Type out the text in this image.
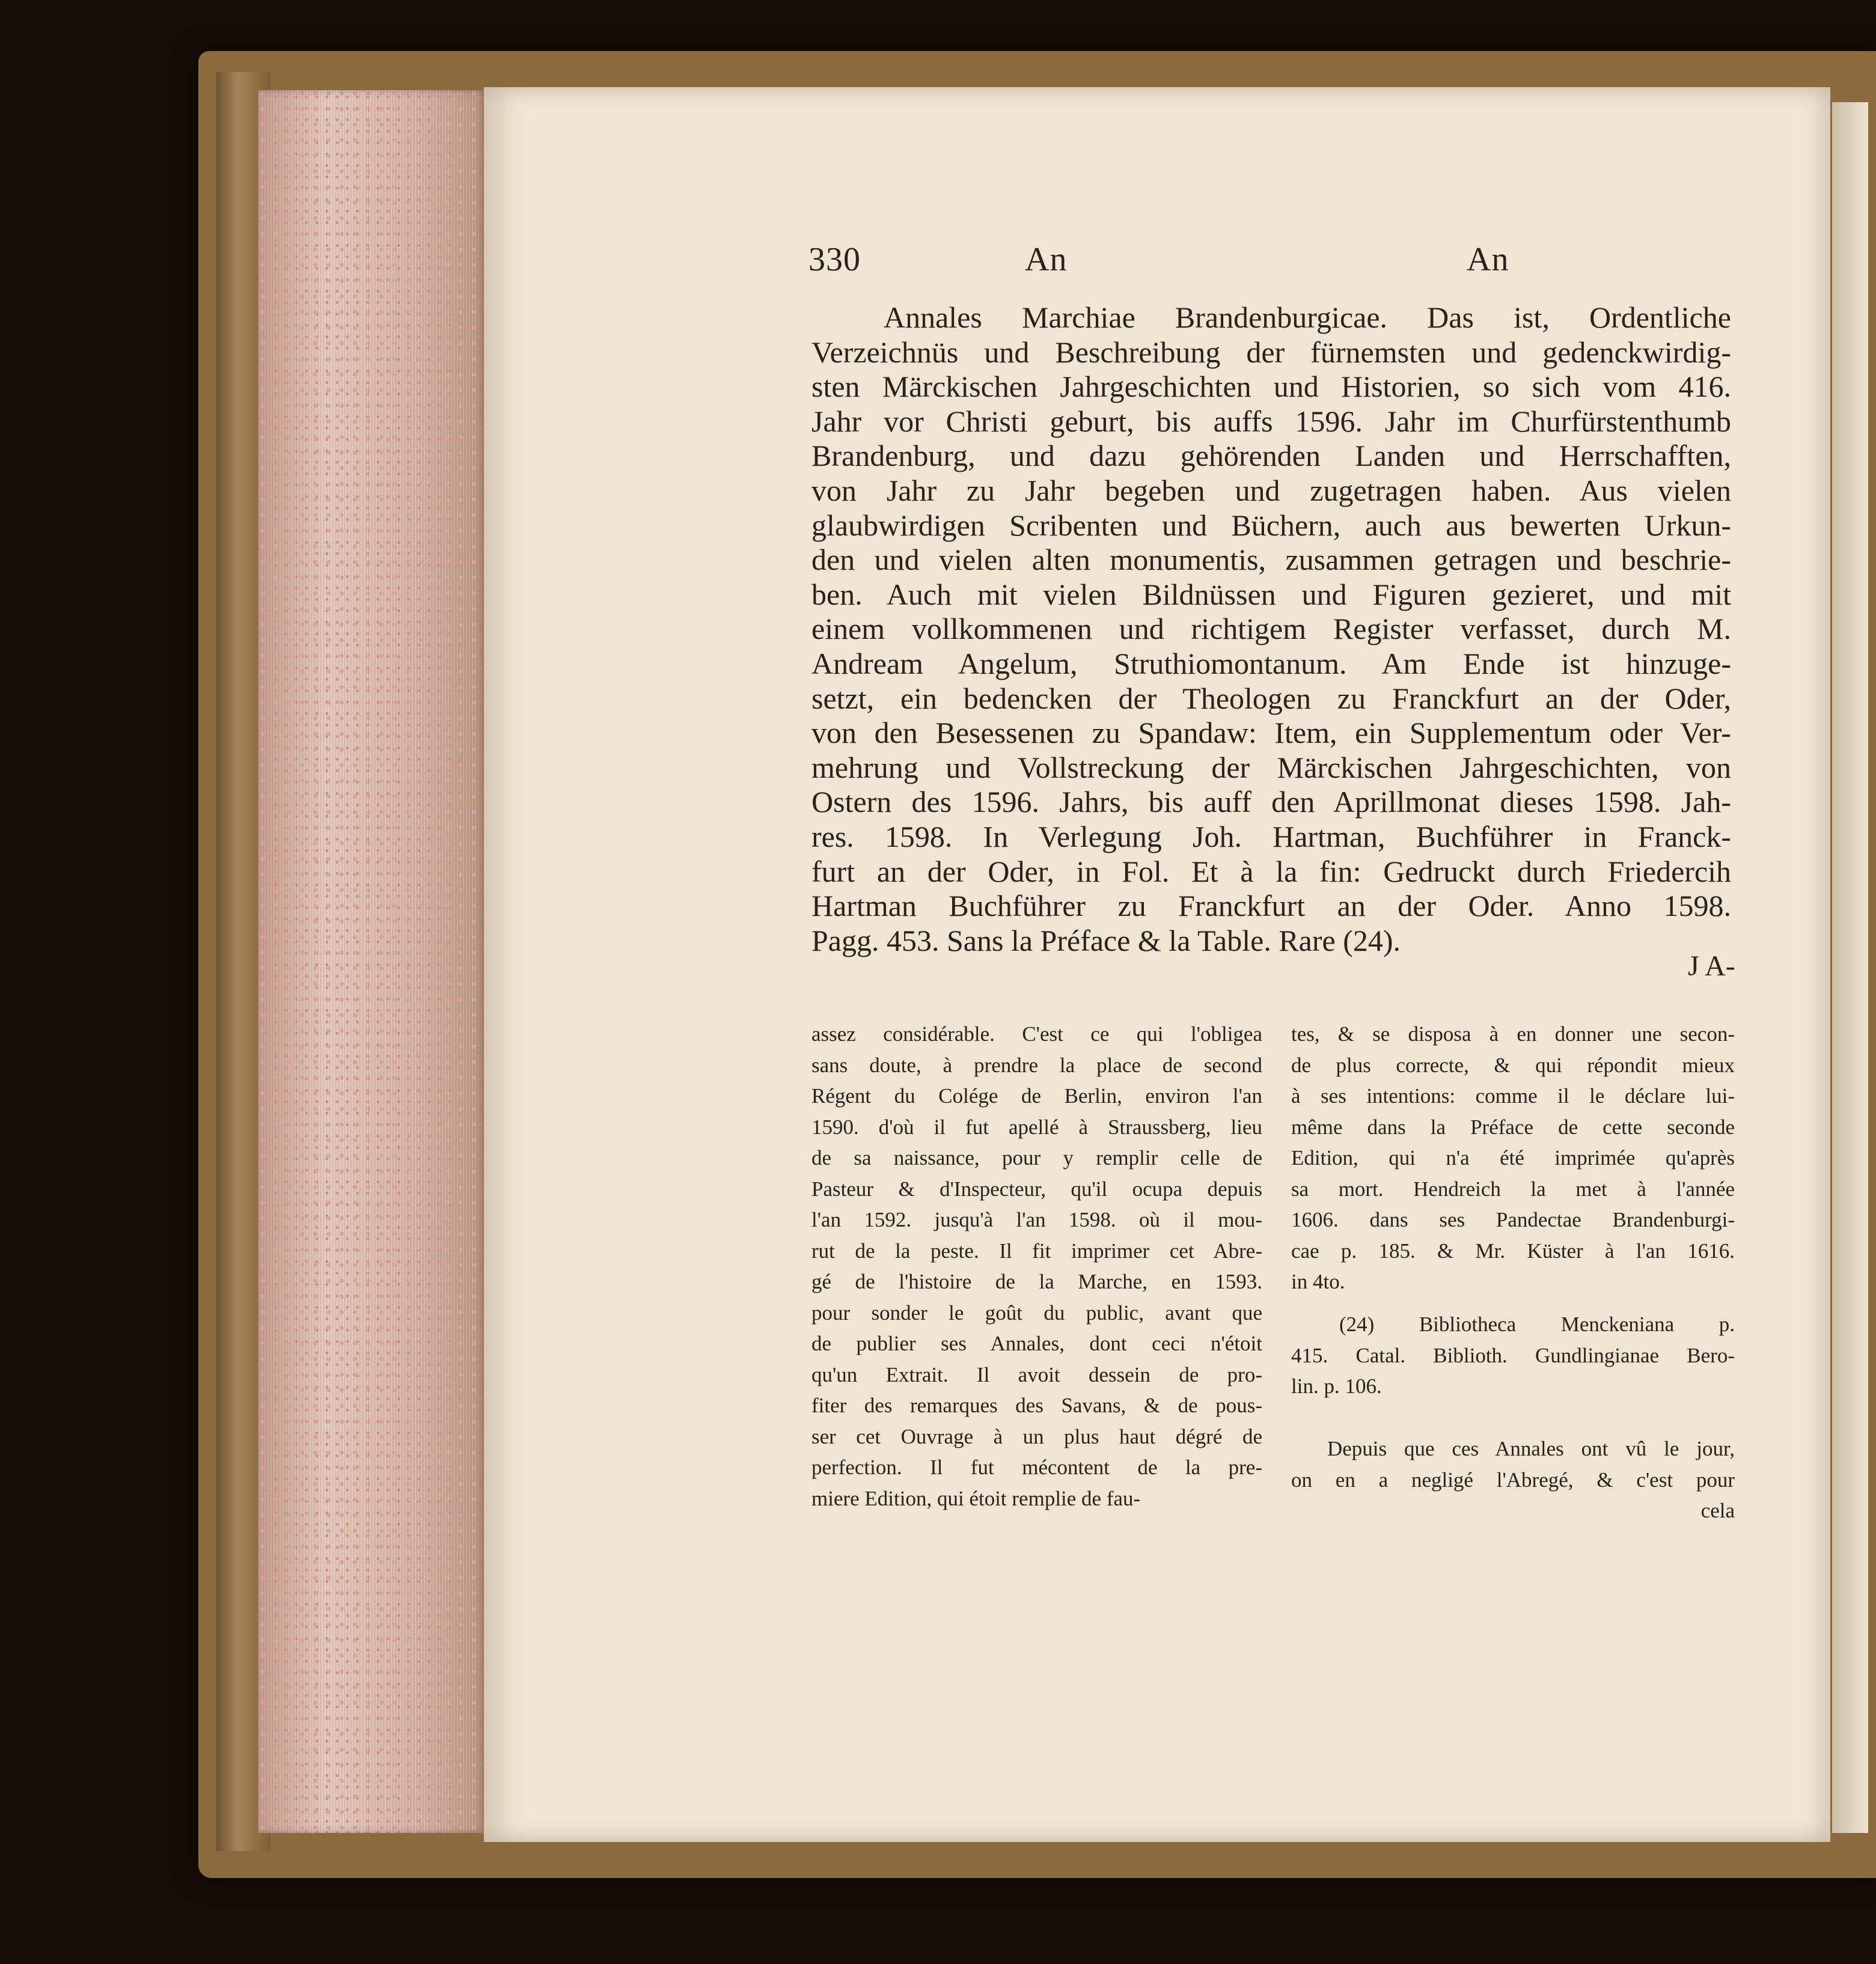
330	An	An
Annales Marchiae Brandenburgicae. Das ist, Ordentliche
Verzeichnüs und Beschreibung der fürnemsten und gedenckwirdig-
sten Märckischen Jahrgeschichten und Historien, so sich vom 416.
Jahr vor Christi geburt, bis auffs 1596. Jahr im Churfürstenthumb
Brandenburg, und dazu gehörenden Landen und Herrschafften,
von Jahr zu Jahr begeben und zugetragen haben. Aus vielen
glaubwirdigen Scribenten und Büchern, auch aus bewerten Urkun-
den und vielen alten monumentis, zusammen getragen und beschrie-
ben. Auch mit vielen Bildnüssen und Figuren gezieret, und mit
einem vollkommenen und richtigem Register verfasset, durch M.
Andream Angelum, Struthiomontanum. Am Ende ist hinzuge-
setzt, ein bedencken der Theologen zu Franckfurt an der Oder,
von den Besessenen zu Spandaw: Item, ein Supplementum oder Ver-
mehrung und Vollstreckung der Märckischen Jahrgeschichten, von
Ostern des 1596. Jahrs, bis auff den Aprillmonat dieses 1598. Jah-
res. 1598. In Verlegung Joh. Hartman, Buchführer in Franck-
furt an der Oder, in Fol. Et à la fin: Gedruckt durch Friedercih
Hartman Buchführer zu Franckfurt an der Oder. Anno 1598.
Pagg. 453. Sans la Préface & la Table. Rare (24).
J A-
assez considérable. C'est ce qui l'obligea
sans doute, à prendre la place de second
Régent du Colége de Berlin, environ l'an
1590. d'où il fut apellé à Straussberg, lieu
de sa naissance, pour y remplir celle de
Pasteur & d'Inspecteur, qu'il ocupa depuis
l'an 1592. jusqu'à l'an 1598. où il mou-
rut de la peste. Il fit imprimer cet Abre-
gé de l'histoire de la Marche, en 1593.
pour sonder le goût du public, avant que
de publier ses Annales, dont ceci n'étoit
qu'un Extrait. Il avoit dessein de pro-
fiter des remarques des Savans, & de pous-
ser cet Ouvrage à un plus haut dégré de
perfection. Il fut mécontent de la pre-
miere Edition, qui étoit remplie de fau-
tes, & se disposa à en donner une secon-
de plus correcte, & qui répondit mieux
à ses intentions: comme il le déclare lui-
même dans la Préface de cette seconde
Edition, qui n'a été imprimée qu'après
sa mort. Hendreich la met à l'année
1606. dans ses Pandectae Brandenburgi-
cae p. 185. & Mr. Küster à l'an 1616.
in 4to.
(24) Bibliotheca Menckeniana p.
415. Catal. Biblioth. Gundlingianae Bero-
lin. p. 106.
Depuis que ces Annales ont vû le jour,
on en a negligé l'Abregé, & c'est pour
cela
